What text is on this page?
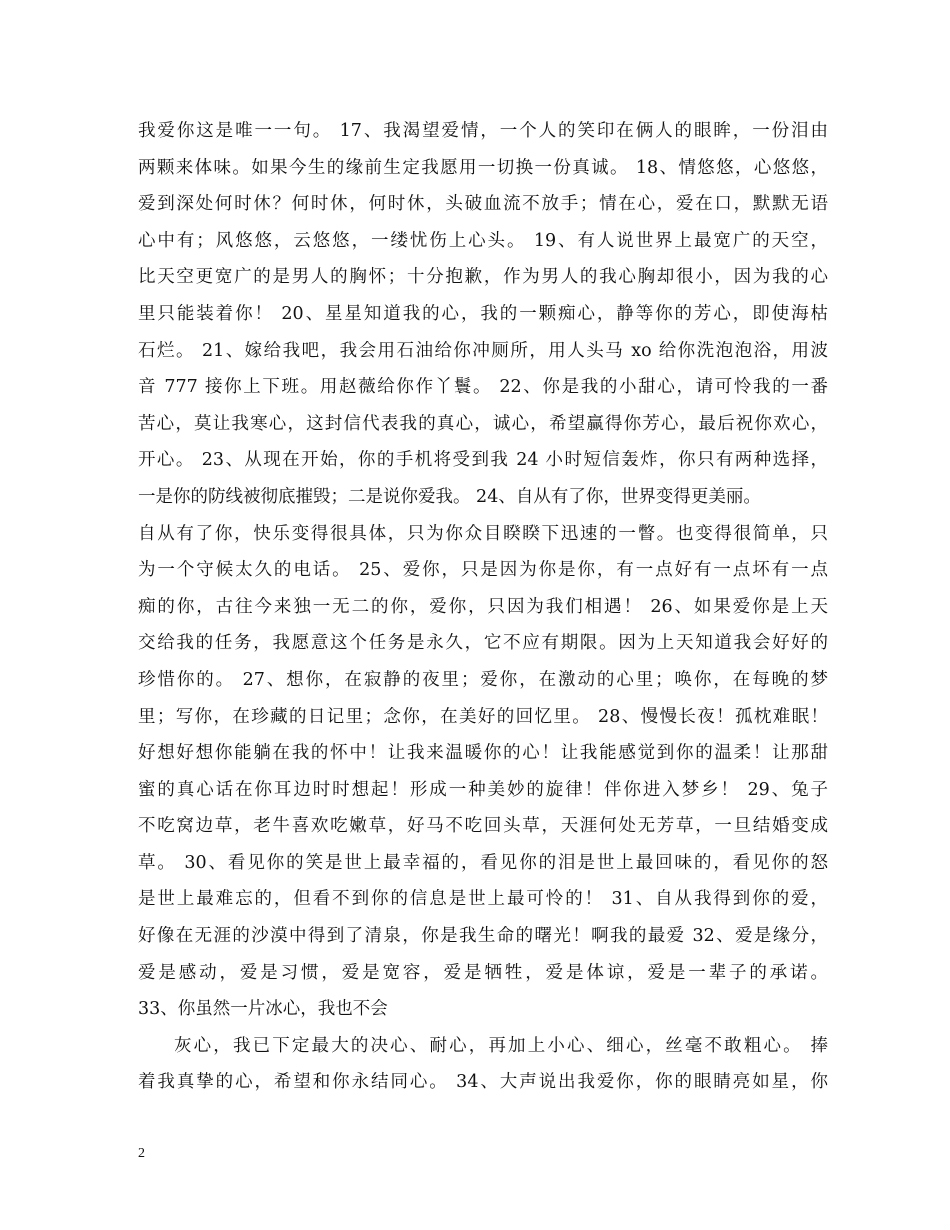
我爱你这是唯一一句。 17、我渴望爱情，一个人的笑印在俩人的眼眸，一份泪由
两颗来体味。如果今生的缘前生定我愿用一切换一份真诚。 18、情悠悠，心悠悠，
爱到深处何时休？何时休，何时休，头破血流不放手；情在心，爱在口，默默无语
心中有；风悠悠，云悠悠，一缕忧伤上心头。 19、有人说世界上最宽广的天空，
比天空更宽广的是男人的胸怀；十分抱歉，作为男人的我心胸却很小，因为我的心
里只能装着你！ 20、星星知道我的心，我的一颗痴心，静等你的芳心，即使海枯
石烂。 21、嫁给我吧，我会用石油给你冲厕所，用人头马 xo 给你洗泡泡浴，用波
音 777 接你上下班。用赵薇给你作丫鬟。 22、你是我的小甜心，请可怜我的一番
苦心，莫让我寒心，这封信代表我的真心，诚心，希望赢得你芳心，最后祝你欢心，
开心。 23、从现在开始，你的手机将受到我 24 小时短信轰炸，你只有两种选择，
一是你的防线被彻底摧毁；二是说你爱我。 24、自从有了你，世界变得更美丽。
自从有了你，快乐变得很具体，只为你众目睽睽下迅速的一瞥。也变得很简单，只
为一个守候太久的电话。 25、爱你，只是因为你是你，有一点好有一点坏有一点
痴的你，古往今来独一无二的你，爱你，只因为我们相遇！ 26、如果爱你是上天
交给我的任务，我愿意这个任务是永久，它不应有期限。因为上天知道我会好好的
珍惜你的。 27、想你，在寂静的夜里；爱你，在激动的心里；唤你，在每晚的梦
里；写你，在珍藏的日记里；念你，在美好的回忆里。 28、慢慢长夜！孤枕难眠！
好想好想你能躺在我的怀中！让我来温暖你的心！让我能感觉到你的温柔！让那甜
蜜的真心话在你耳边时时想起！形成一种美妙的旋律！伴你进入梦乡！ 29、兔子
不吃窝边草，老牛喜欢吃嫩草，好马不吃回头草，天涯何处无芳草，一旦结婚变成
草。 30、看见你的笑是世上最幸福的，看见你的泪是世上最回味的，看见你的怒
是世上最难忘的，但看不到你的信息是世上最可怜的！ 31、自从我得到你的爱，
好像在无涯的沙漠中得到了清泉，你是我生命的曙光！啊我的最爱 32、爱是缘分，
爱是感动，爱是习惯，爱是宽容，爱是牺牲，爱是体谅，爱是一辈子的承诺。
33、你虽然一片冰心，我也不会
灰心，我已下定最大的决心、耐心，再加上小心、细心，丝毫不敢粗心。 捧
着我真挚的心，希望和你永结同心。 34、大声说出我爱你，你的眼睛亮如星，你
2
